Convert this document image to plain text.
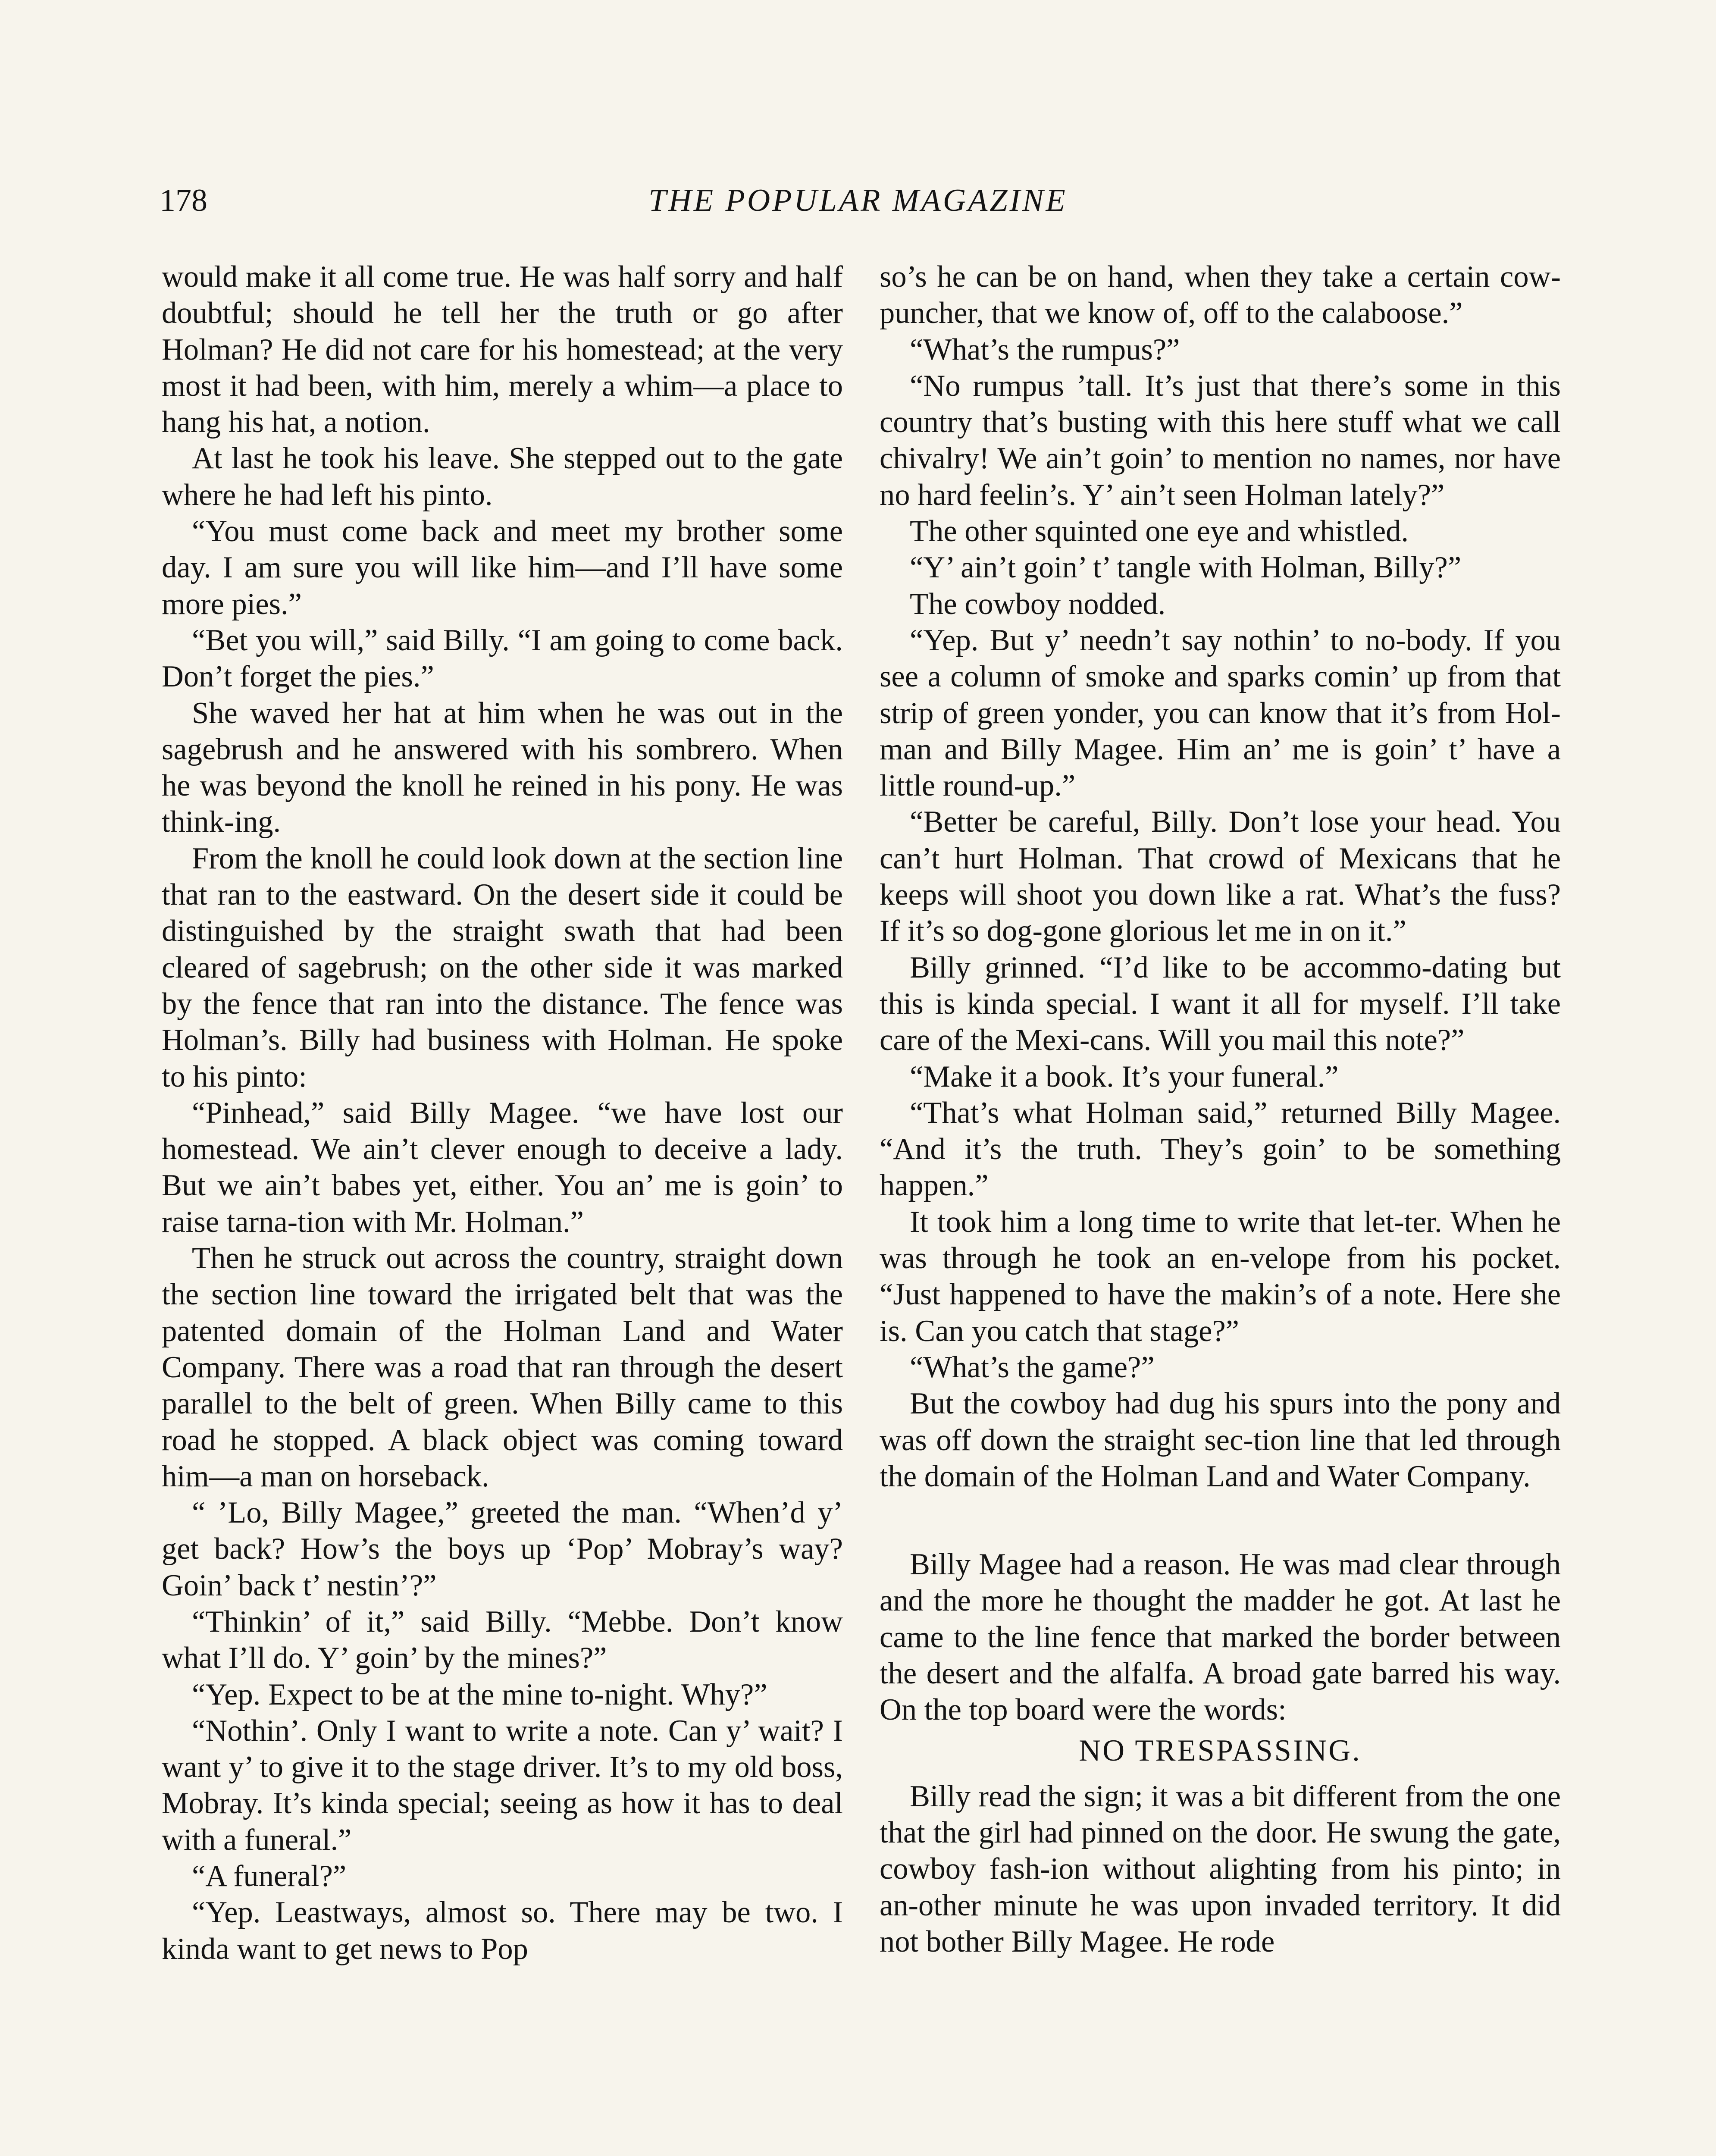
178	THE POPULAR MAGAZINE

would make it all come true. He was half sorry and half doubtful; should he tell her the truth or go after Holman? He did not care for his homestead; at the very most it had been, with him, merely a whim—a place to hang his hat, a notion.

At last he took his leave. She stepped out to the gate where he had left his pinto.

“You must come back and meet my brother some day. I am sure you will like him—and I’ll have some more pies.”

“Bet you will,” said Billy. “I am going to come back. Don’t forget the pies.”

She waved her hat at him when he was out in the sagebrush and he answered with his sombrero. When he was beyond the knoll he reined in his pony. He was think-ing.

From the knoll he could look down at the section line that ran to the eastward. On the desert side it could be distinguished by the straight swath that had been cleared of sagebrush; on the other side it was marked by the fence that ran into the distance. The fence was Holman’s. Billy had business with Holman. He spoke to his pinto:

“Pinhead,” said Billy Magee. “we have lost our homestead. We ain’t clever enough to deceive a lady. But we ain’t babes yet, either. You an’ me is goin’ to raise tarna-tion with Mr. Holman.”

Then he struck out across the country, straight down the section line toward the irrigated belt that was the patented domain of the Holman Land and Water Company. There was a road that ran through the desert parallel to the belt of green. When Billy came to this road he stopped. A black object was coming toward him—a man on horseback.

“ ’Lo, Billy Magee,” greeted the man. “When’d y’ get back? How’s the boys up ‘Pop’ Mobray’s way? Goin’ back t’ nestin’?”

“Thinkin’ of it,” said Billy. “Mebbe. Don’t know what I’ll do. Y’ goin’ by the mines?”

“Yep. Expect to be at the mine to-night. Why?”

“Nothin’. Only I want to write a note. Can y’ wait? I want y’ to give it to the stage driver. It’s to my old boss, Mobray. It’s kinda special; seeing as how it has to deal with a funeral.”

“A funeral?”

“Yep. Leastways, almost so. There may be two. I kinda want to get news to Pop

so’s he can be on hand, when they take a certain cow-puncher, that we know of, off to the calaboose.”

“What’s the rumpus?”

“No rumpus ’tall. It’s just that there’s some in this country that’s busting with this here stuff what we call chivalry! We ain’t goin’ to mention no names, nor have no hard feelin’s. Y’ ain’t seen Holman lately?”

The other squinted one eye and whistled.

“Y’ ain’t goin’ t’ tangle with Holman, Billy?”

The cowboy nodded.

“Yep. But y’ needn’t say nothin’ to no-body. If you see a column of smoke and sparks comin’ up from that strip of green yonder, you can know that it’s from Hol-man and Billy Magee. Him an’ me is goin’ t’ have a little round-up.”

“Better be careful, Billy. Don’t lose your head. You can’t hurt Holman. That crowd of Mexicans that he keeps will shoot you down like a rat. What’s the fuss? If it’s so dog-gone glorious let me in on it.”

Billy grinned. “I’d like to be accommo-dating but this is kinda special. I want it all for myself. I’ll take care of the Mexi-cans. Will you mail this note?”

“Make it a book. It’s your funeral.”

“That’s what Holman said,” returned Billy Magee. “And it’s the truth. They’s goin’ to be something happen.”

It took him a long time to write that let-ter. When he was through he took an en-velope from his pocket. “Just happened to have the makin’s of a note. Here she is. Can you catch that stage?”

“What’s the game?”

But the cowboy had dug his spurs into the pony and was off down the straight sec-tion line that led through the domain of the Holman Land and Water Company.

Billy Magee had a reason. He was mad clear through and the more he thought the madder he got. At last he came to the line fence that marked the border between the desert and the alfalfa. A broad gate barred his way. On the top board were the words:

NO TRESPASSING.

Billy read the sign; it was a bit different from the one that the girl had pinned on the door. He swung the gate, cowboy fash-ion without alighting from his pinto; in an-other minute he was upon invaded territory. It did not bother Billy Magee. He rode
